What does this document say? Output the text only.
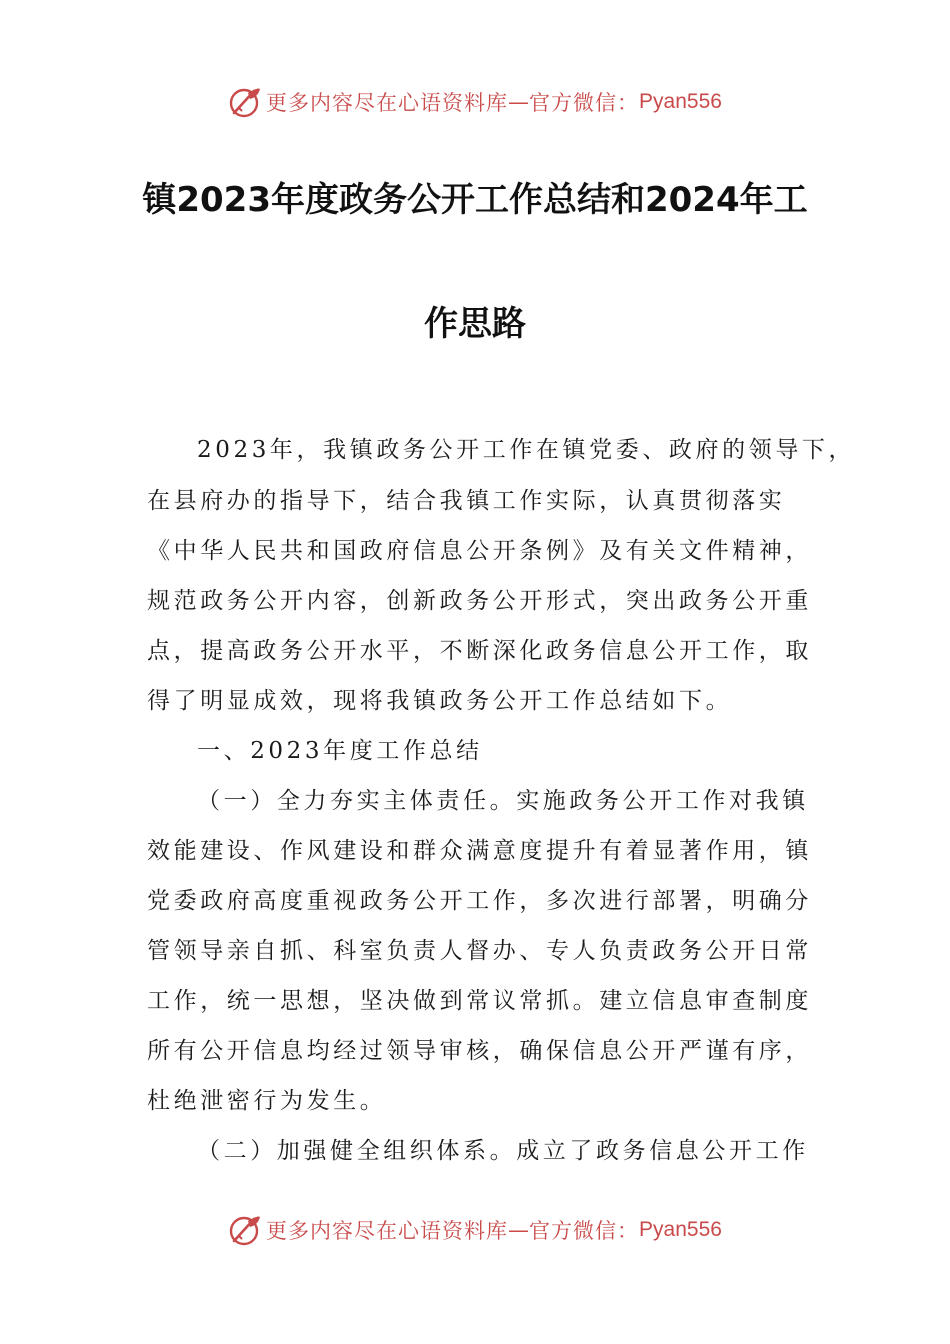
更多内容尽在心语资料库 — 官方微信： Pyan556
镇2023年度政务公开工作总结和2024年工
作思路
2023年，我镇政务公开工作在镇党委、政府的领导下，
在县府办的指导下，结合我镇工作实际，认真贯彻落实
《中华人民共和国政府信息公开条例》及有关文件精神，
规范政务公开内容，创新政务公开形式，突出政务公开重
点，提高政务公开水平，不断深化政务信息公开工作，取
得了明显成效，现将我镇政务公开工作总结如下。
一、2023年度工作总结
（一）全力夯实主体责任。实施政务公开工作对我镇
效能建设、作风建设和群众满意度提升有着显著作用，镇
党委政府高度重视政务公开工作，多次进行部署，明确分
管领导亲自抓、科室负责人督办、专人负责政务公开日常
工作，统一思想，坚决做到常议常抓。建立信息审查制度
所有公开信息均经过领导审核，确保信息公开严谨有序，
杜绝泄密行为发生。
（二）加强健全组织体系。成立了政务信息公开工作
更多内容尽在心语资料库 — 官方微信： Pyan556
